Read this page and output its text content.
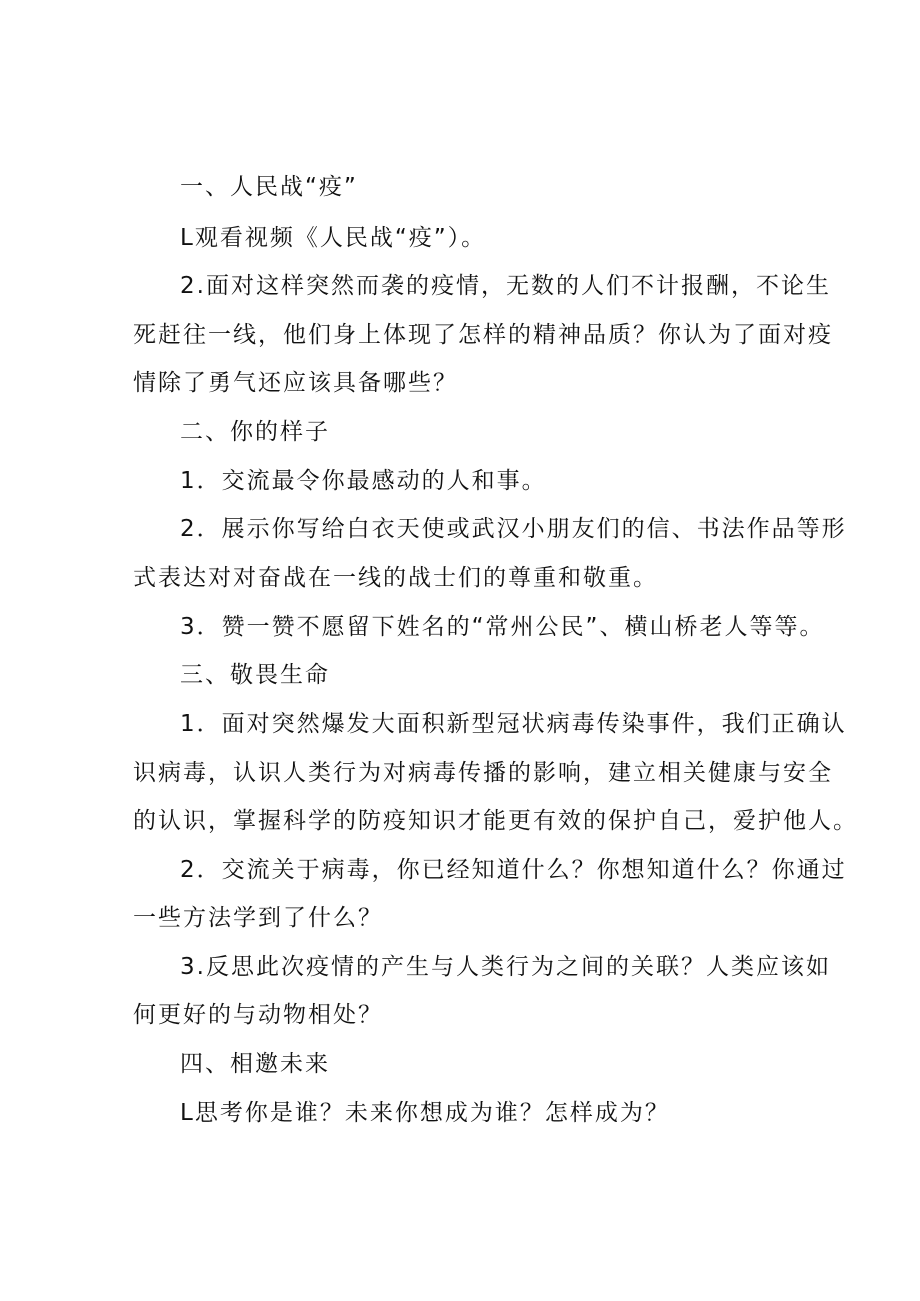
一、人民战“疫”
L观看视频《人民战“疫”）。
2.面对这样突然而袭的疫情，无数的人们不计报酬，不论生
死赶往一线，他们身上体现了怎样的精神品质？你认为了面对疫
情除了勇气还应该具备哪些？
二、你的样子
1．交流最令你最感动的人和事。
2．展示你写给白衣天使或武汉小朋友们的信、书法作品等形
式表达对对奋战在一线的战士们的尊重和敬重。
3．赞一赞不愿留下姓名的“常州公民”、横山桥老人等等。
三、敬畏生命
1．面对突然爆发大面积新型冠状病毒传染事件，我们正确认
识病毒，认识人类行为对病毒传播的影响，建立相关健康与安全
的认识，掌握科学的防疫知识才能更有效的保护自己，爱护他人。
2．交流关于病毒，你已经知道什么？你想知道什么？你通过
一些方法学到了什么？
3.反思此次疫情的产生与人类行为之间的关联？人类应该如
何更好的与动物相处？
四、相邀未来
L思考你是谁？未来你想成为谁？怎样成为？
